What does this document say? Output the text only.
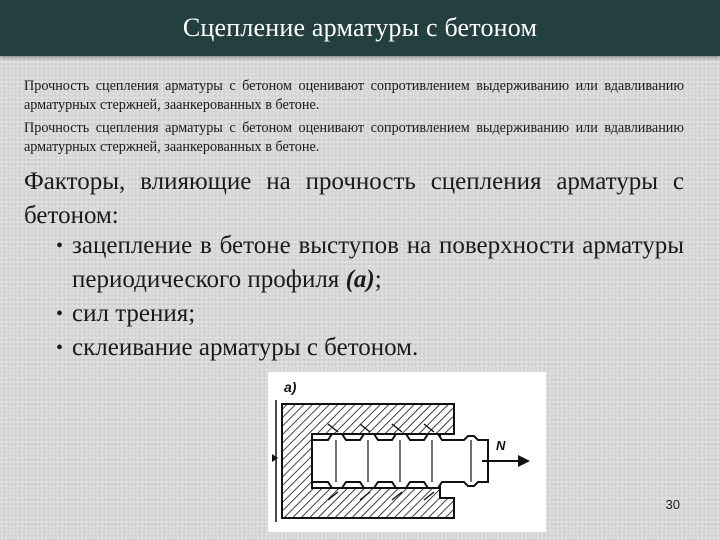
Сцепление арматуры с бетоном
Прочность сцепления арматуры с бетоном оценивают сопротивлением выдерживанию или вдавливанию арматурных стержней, заанкерованных в бетоне.
Прочность сцепления арматуры с бетоном оценивают сопротивлением выдерживанию или вдавливанию арматурных стержней, заанкерованных в бетоне.
Факторы, влияющие на прочность сцепления арматуры с бетоном:
• зацепление в бетоне выступов на поверхности арматуры периодического профиля (а);
• сил трения;
• склеивание арматуры с бетоном.
а)
N
30
